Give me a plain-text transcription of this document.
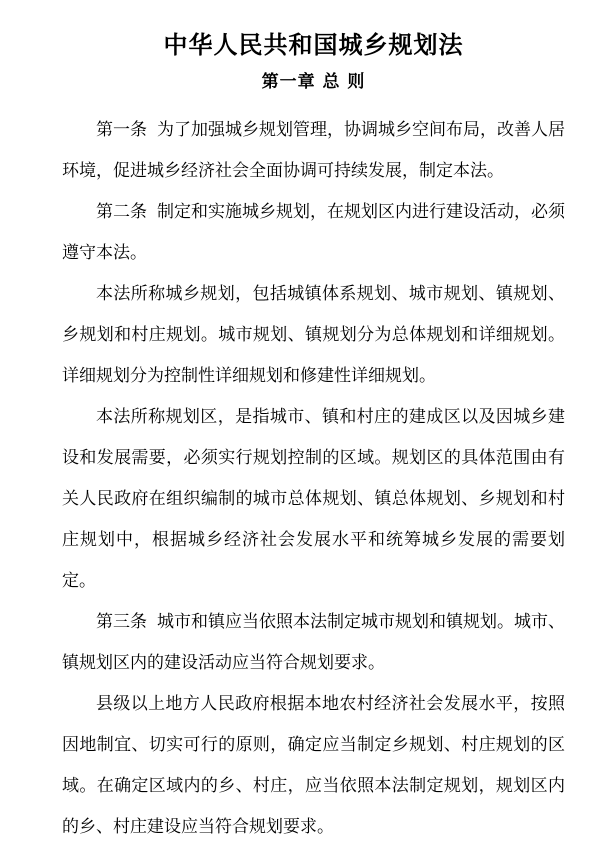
中华人民共和国城乡规划法
第一章 总 则

第一条 为了加强城乡规划管理，协调城乡空间布局，改善人居环境，促进城乡经济社会全面协调可持续发展，制定本法。

第二条 制定和实施城乡规划，在规划区内进行建设活动，必须遵守本法。

本法所称城乡规划，包括城镇体系规划、城市规划、镇规划、乡规划和村庄规划。城市规划、镇规划分为总体规划和详细规划。详细规划分为控制性详细规划和修建性详细规划。

本法所称规划区，是指城市、镇和村庄的建成区以及因城乡建设和发展需要，必须实行规划控制的区域。规划区的具体范围由有关人民政府在组织编制的城市总体规划、镇总体规划、乡规划和村庄规划中，根据城乡经济社会发展水平和统筹城乡发展的需要划定。

第三条 城市和镇应当依照本法制定城市规划和镇规划。城市、镇规划区内的建设活动应当符合规划要求。

县级以上地方人民政府根据本地农村经济社会发展水平，按照因地制宜、切实可行的原则，确定应当制定乡规划、村庄规划的区域。在确定区域内的乡、村庄，应当依照本法制定规划，规划区内的乡、村庄建设应当符合规划要求。
